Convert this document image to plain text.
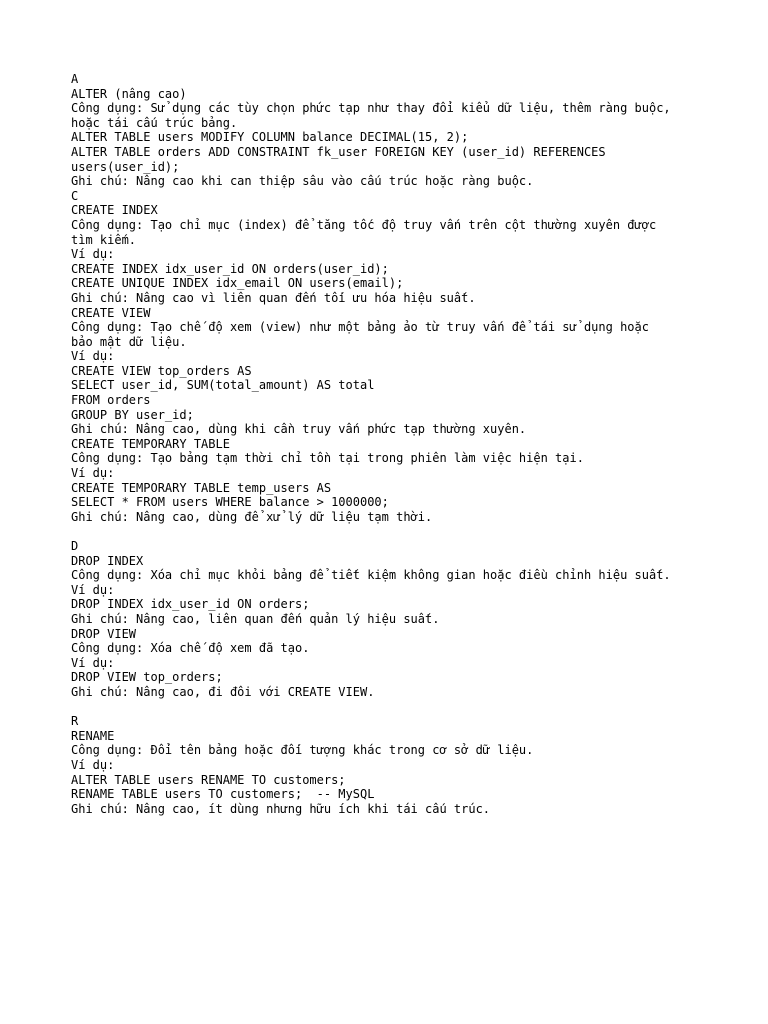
A
ALTER (nâng cao)
Công dụng: Sử dụng các tùy chọn phức tạp như thay đổi kiểu dữ liệu, thêm ràng buộc,
hoặc tái cấu trúc bảng.
ALTER TABLE users MODIFY COLUMN balance DECIMAL(15, 2);
ALTER TABLE orders ADD CONSTRAINT fk_user FOREIGN KEY (user_id) REFERENCES
users(user_id);
Ghi chú: Nâng cao khi can thiệp sâu vào cấu trúc hoặc ràng buộc.
C
CREATE INDEX
Công dụng: Tạo chỉ mục (index) để tăng tốc độ truy vấn trên cột thường xuyên được
tìm kiếm.
Ví dụ:
CREATE INDEX idx_user_id ON orders(user_id);
CREATE UNIQUE INDEX idx_email ON users(email);
Ghi chú: Nâng cao vì liên quan đến tối ưu hóa hiệu suất.
CREATE VIEW
Công dụng: Tạo chế độ xem (view) như một bảng ảo từ truy vấn để tái sử dụng hoặc
bảo mật dữ liệu.
Ví dụ:
CREATE VIEW top_orders AS
SELECT user_id, SUM(total_amount) AS total
FROM orders
GROUP BY user_id;
Ghi chú: Nâng cao, dùng khi cần truy vấn phức tạp thường xuyên.
CREATE TEMPORARY TABLE
Công dụng: Tạo bảng tạm thời chỉ tồn tại trong phiên làm việc hiện tại.
Ví dụ:
CREATE TEMPORARY TABLE temp_users AS
SELECT * FROM users WHERE balance > 1000000;
Ghi chú: Nâng cao, dùng để xử lý dữ liệu tạm thời.
D
DROP INDEX
Công dụng: Xóa chỉ mục khỏi bảng để tiết kiệm không gian hoặc điều chỉnh hiệu suất.
Ví dụ:
DROP INDEX idx_user_id ON orders;
Ghi chú: Nâng cao, liên quan đến quản lý hiệu suất.
DROP VIEW
Công dụng: Xóa chế độ xem đã tạo.
Ví dụ:
DROP VIEW top_orders;
Ghi chú: Nâng cao, đi đôi với CREATE VIEW.
R
RENAME
Công dụng: Đổi tên bảng hoặc đối tượng khác trong cơ sở dữ liệu.
Ví dụ:
ALTER TABLE users RENAME TO customers;
RENAME TABLE users TO customers;  -- MySQL
Ghi chú: Nâng cao, ít dùng nhưng hữu ích khi tái cấu trúc.
